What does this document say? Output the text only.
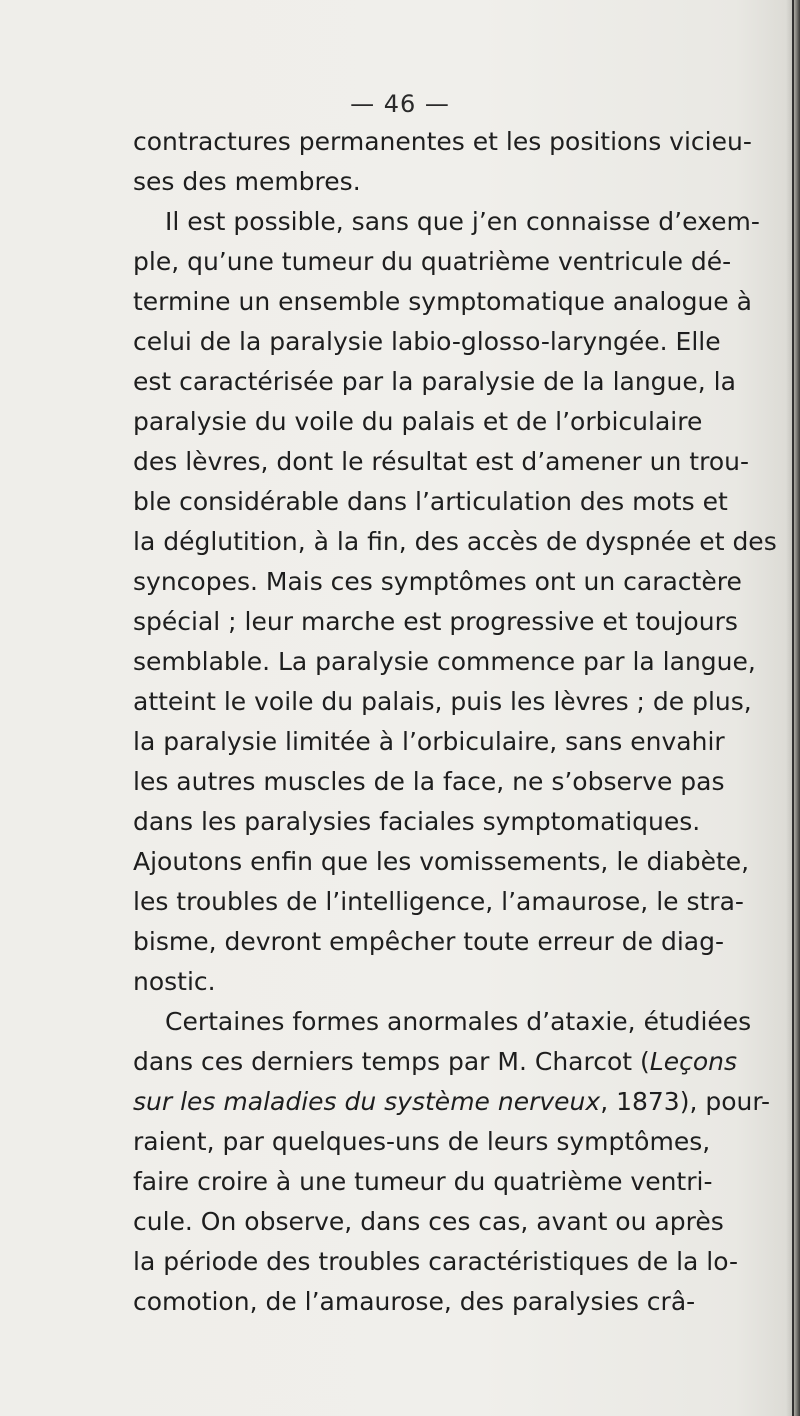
— 46 —
contractures permanentes et les positions vicieu-
ses des membres.
Il est possible, sans que j’en connaisse d’exem-
ple, qu’une tumeur du quatrième ventricule dé-
termine un ensemble symptomatique analogue à
celui de la paralysie labio-glosso-laryngée. Elle
est caractérisée par la paralysie de la langue, la
paralysie du voile du palais et de l’orbiculaire
des lèvres, dont le résultat est d’amener un trou-
ble considérable dans l’articulation des mots et
la déglutition, à la fin, des accès de dyspnée et des
syncopes. Mais ces symptômes ont un caractère
spécial ; leur marche est progressive et toujours
semblable. La paralysie commence par la langue,
atteint le voile du palais, puis les lèvres ; de plus,
la paralysie limitée à l’orbiculaire, sans envahir
les autres muscles de la face, ne s’observe pas
dans les paralysies faciales symptomatiques.
Ajoutons enfin que les vomissements, le diabète,
les troubles de l’intelligence, l’amaurose, le stra-
bisme, devront empêcher toute erreur de diag-
nostic.
Certaines formes anormales d’ataxie, étudiées
dans ces derniers temps par M. Charcot (Leçons
sur les maladies du système nerveux, 1873), pour-
raient, par quelques-uns de leurs symptômes,
faire croire à une tumeur du quatrième ventri-
cule. On observe, dans ces cas, avant ou après
la période des troubles caractéristiques de la lo-
comotion, de l’amaurose, des paralysies crâ-
